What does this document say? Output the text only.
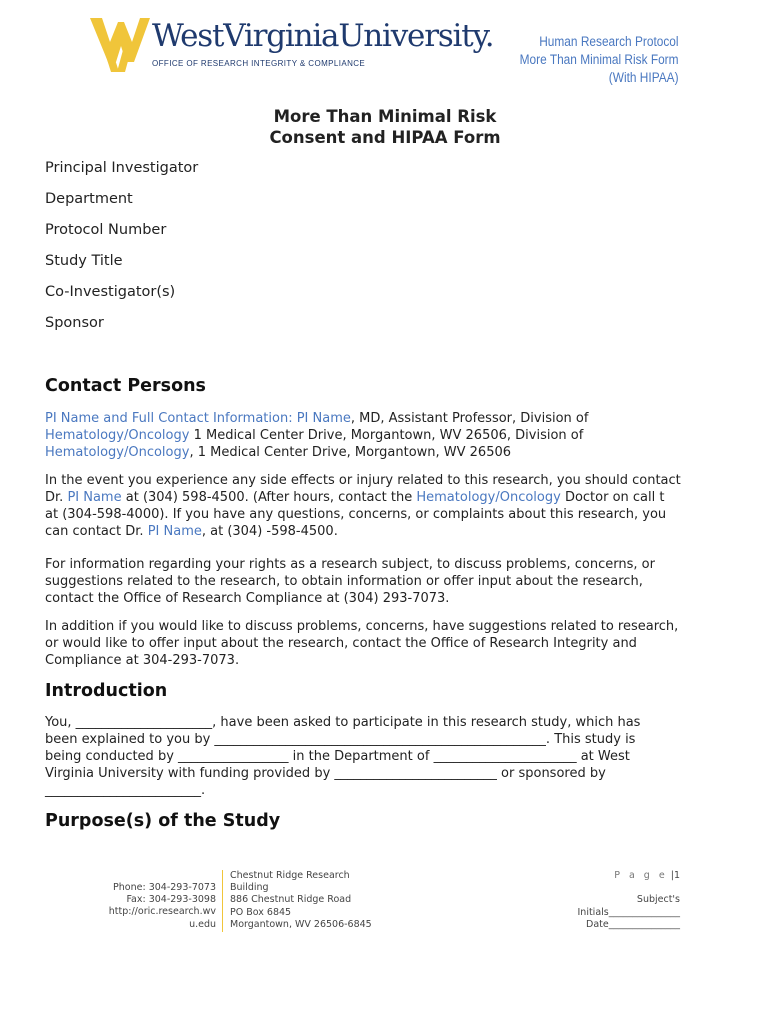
WestVirginiaUniversity.
OFFICE OF RESEARCH INTEGRITY & COMPLIANCE
Human Research Protocol
More Than Minimal Risk Form
(With HIPAA)
More Than Minimal Risk
Consent and HIPAA Form
Principal Investigator
Department
Protocol Number
Study Title
Co-Investigator(s)
Sponsor
Contact Persons
PI Name and Full Contact Information: PI Name, MD, Assistant Professor, Division of
Hematology/Oncology 1 Medical Center Drive, Morgantown, WV 26506, Division of
Hematology/Oncology, 1 Medical Center Drive, Morgantown, WV 26506
In the event you experience any side effects or injury related to this research, you should contact
Dr. PI Name at (304) 598-4500. (After hours, contact the Hematology/Oncology Doctor on call t
at (304-598-4000). If you have any questions, concerns, or complaints about this research, you
can contact Dr. PI Name, at (304) -598-4500.
For information regarding your rights as a research subject, to discuss problems, concerns, or
suggestions related to the research, to obtain information or offer input about the research,
contact the Office of Research Compliance at (304) 293-7073.
In addition if you would like to discuss problems, concerns, have suggestions related to research,
or would like to offer input about the research, contact the Office of Research Integrity and
Compliance at 304-293-7073.
Introduction
You, _____________________, have been asked to participate in this research study, which has
been explained to you by ___________________________________________________. This study is
being conducted by _________________ in the Department of ______________________ at West
Virginia University with funding provided by _________________________ or sponsored by
________________________.
Purpose(s) of the Study
Phone: 304-293-7073
Fax: 304-293-3098
http://oric.research.wv
u.edu
Chestnut Ridge Research
Building
886 Chestnut Ridge Road
PO Box 6845
Morgantown, WV 26506-6845
P a g e |1

Subject's
Initials_______________
Date_______________
